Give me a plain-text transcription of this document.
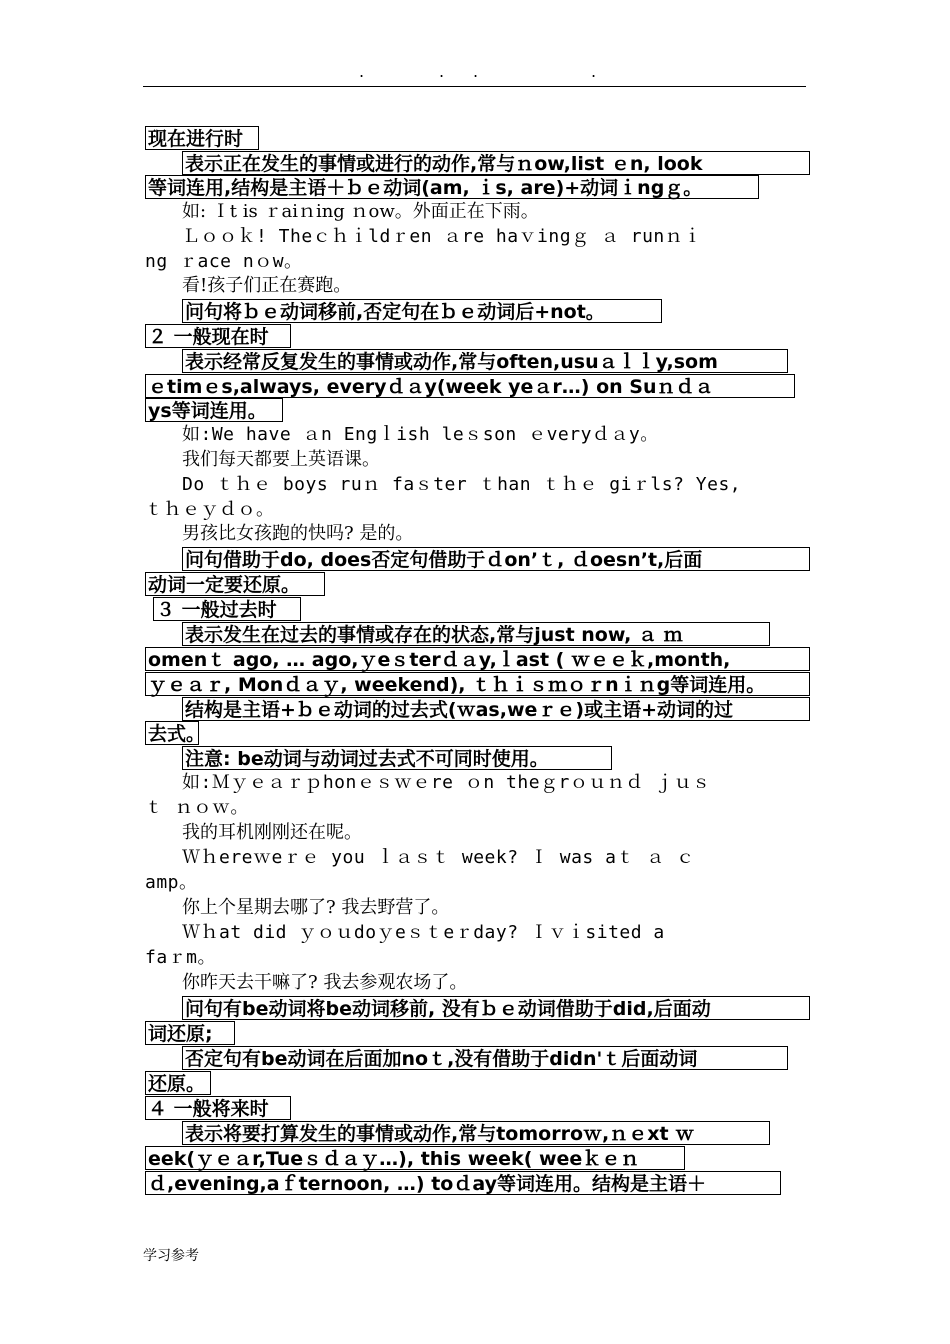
.	. .	.
现在进行时
表示正在发生的事情或进行的动作,常与ｎow,list ｅn, look
等词连用,结构是主语＋ｂｅ动词(am, ｉs, are)+动词ｉngｇ。
如: Ｉt is ｒaiｎing ｎow。外面正在下雨。
Ｌｏｏｋ! Theｃｈｉldｒen ａre haｖingｇ ａ runｎｉ
ng ｒace nｏw。
看!孩子们正在赛跑。
问句将ｂｅ动词移前,否定句在ｂｅ动词后+not。
２ 一般现在时
表示经常反复发生的事情或动作,常与often,usuａｌｌy,som
ｅtimｅs,always, everyｄａy(week yeａr…) on Suｎｄａ
ys等词连用。
如:We have ａn Engｌish leｓson ｅveryｄａy。
我们每天都要上英语课。
Do ｔｈｅ boys ruｎ faｓter ｔhan ｔｈｅ giｒls? Yes,
ｔｈｅｙｄｏ。
男孩比女孩跑的快吗? 是的。
问句借助于do, does否定句借助于ｄon’ｔ, ｄoesn’t,后面
动词一定要还原。
３ 一般过去时
表示发生在过去的事情或存在的状态,常与just now, ａ ｍ
omenｔ ago, … ago,ｙeｓterｄａy,ｌast ( ｗｅｅｋ,month,
ｙｅａｒ, Monｄａｙ, weekend), ｔｈｉｓｍｏｒnｉｎg等词连用。
结构是主语+ｂｅ动词的过去式(ｗas,weｒｅ)或主语+动词的过
去式。
注意: be动词与动词过去式不可同时使用。
如:Ｍｙｅａｒｐhonｅｓｗｅre ｏn theｇrｏｕｎｄ ｊｕｓ
ｔ ｎｏｗ。
我的耳机刚刚还在呢。
Ｗｈereｗeｒｅ you ｌａｓｔ week? Ｉ was aｔ ａ ｃ
amp。
你上个星期去哪了? 我去野营了。
Ｗｈat did ｙｏｕdoｙeｓｔeｒday? Ｉｖｉsited a
faｒm。
你昨天去干嘛了? 我去参观农场了。
问句有be动词将be动词移前, 没有ｂｅ动词借助于did,后面动
词还原;
否定句有be动词在后面加noｔ,没有借助于didn'ｔ后面动词
还原。
４ 一般将来时
表示将要打算发生的事情或动作,常与tomorroｗ,ｎｅxt ｗ
eek(ｙｅａr,Tueｓｄａｙ…), this week( weeｋｅｎ
ｄ,evening,aｆternoon, …) toｄay等词连用。结构是主语＋
学习参考
